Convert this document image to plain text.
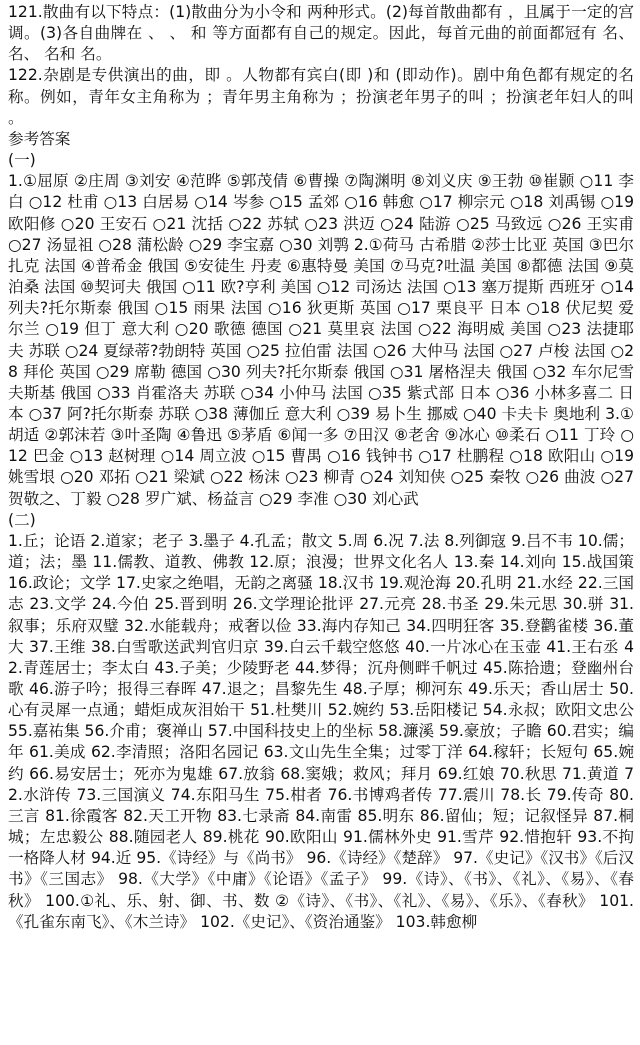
121.散曲有以下特点：(1)散曲分为小令和 两种形式。(2)每首散曲都有 ，且属于一定的宫调。(3)各自曲牌在 、 、 和 等方面都有自己的规定。因此，每首元曲的前面都冠有 名、 名、 名和 名。

122.杂剧是专供演出的曲，即 。人物都有宾白(即 )和 (即动作)。剧中角色都有规定的名称。例如，青年女主角称为 ；青年男主角称为 ；扮演老年男子的叫 ；扮演老年妇人的叫 。

参考答案

(一)

1.①屈原 ②庄周 ③刘安 ④范晔 ⑤郭茂倩 ⑥曹操 ⑦陶渊明 ⑧刘义庆 ⑨王勃 ⑩崔颢 ○11 李白 ○12 杜甫 ○13 白居易 ○14 岑参 ○15 孟郊 ○16 韩愈 ○17 柳宗元 ○18 刘禹锡 ○19 欧阳修 ○20 王安石 ○21 沈括 ○22 苏轼 ○23 洪迈 ○24 陆游 ○25 马致远 ○26 王实甫 ○27 汤显祖 ○28 蒲松龄 ○29 李宝嘉 ○30 刘鹗 2.①荷马 古希腊 ②莎士比亚 英国 ③巴尔扎克 法国 ④普希金 俄国 ⑤安徒生 丹麦 ⑥惠特曼 美国 ⑦马克?吐温 美国 ⑧都德 法国 ⑨莫泊桑 法国 ⑩契诃夫 俄国 ○11 欧?亨利 美国 ○12 司汤达 法国 ○13 塞万提斯 西班牙 ○14 列夫?托尔斯泰 俄国 ○15 雨果 法国 ○16 狄更斯 英国 ○17 栗良平 日本 ○18 伏尼契 爱尔兰 ○19 但丁 意大利 ○20 歌德 德国 ○21 莫里哀 法国 ○22 海明威 美国 ○23 法捷耶夫 苏联 ○24 夏绿蒂?勃朗特 英国 ○25 拉伯雷 法国 ○26 大仲马 法国 ○27 卢梭 法国 ○28 拜伦 英国 ○29 席勒 德国 ○30 列夫?托尔斯泰 俄国 ○31 屠格涅夫 俄国 ○32 车尔尼雪夫斯基 俄国 ○33 肖霍洛夫 苏联 ○34 小仲马 法国 ○35 紫式部 日本 ○36 小林多喜二 日本 ○37 阿?托尔斯泰 苏联 ○38 薄伽丘 意大利 ○39 易卜生 挪威 ○40 卡夫卡 奥地利 3.①胡适 ②郭沫若 ③叶圣陶 ④鲁迅 ⑤茅盾 ⑥闻一多 ⑦田汉 ⑧老舍 ⑨冰心 ⑩柔石 ○11 丁玲 ○12 巴金 ○13 赵树理 ○14 周立波 ○15 曹禺 ○16 钱钟书 ○17 杜鹏程 ○18 欧阳山 ○19 姚雪垠 ○20 邓拓 ○21 梁斌 ○22 杨沫 ○23 柳青 ○24 刘知侠 ○25 秦牧 ○26 曲波 ○27 贺敬之、丁毅 ○28 罗广斌、杨益言 ○29 李准 ○30 刘心武

(二)

1.丘；论语 2.道家；老子 3.墨子 4.孔孟；散文 5.周 6.况 7.法 8.列御寇 9.吕不韦 10.儒；道；法；墨 11.儒教、道教、佛教 12.原；浪漫；世界文化名人 13.秦 14.刘向 15.战国策 16.政论；文学 17.史家之绝唱，无韵之离骚 18.汉书 19.观沧海 20.孔明 21.水经 22.三国志 23.文学 24.今伯 25.晋到明 26.文学理论批评 27.元亮 28.书圣 29.朱元思 30.骈 31.叙事；乐府双璧 32.水能载舟；戒奢以俭 33.海内存知己 34.四明狂客 35.登鹳雀楼 36.董大 37.王维 38.白雪歌送武判官归京 39.白云千载空悠悠 40.一片冰心在玉壶 41.王右丞 42.青莲居士；李太白 43.子美；少陵野老 44.梦得；沉舟侧畔千帆过 45.陈拾遗；登幽州台歌 46.游子吟；报得三春晖 47.退之；昌黎先生 48.子厚；柳河东 49.乐天；香山居士 50.心有灵犀一点通；蜡炬成灰泪始干 51.杜樊川 52.婉约 53.岳阳楼记 54.永叔；欧阳文忠公 55.嘉祐集 56.介甫；褒禅山 57.中国科技史上的坐标 58.濂溪 59.豪放；子瞻 60.君实；编年 61.美成 62.李清照；洛阳名园记 63.文山先生全集；过零丁洋 64.稼轩；长短句 65.婉约 66.易安居士；死亦为鬼雄 67.放翁 68.窦娥；救风；拜月 69.红娘 70.秋思 71.黄道 72.水浒传 73.三国演义 74.东阳马生 75.柑者 76.书博鸡者传 77.震川 78.长 79.传奇 80.三言 81.徐霞客 82.天工开物 83.七录斋 84.南雷 85.明东 86.留仙；短；记叙怪异 87.桐城；左忠毅公 88.随园老人 89.桃花 90.欧阳山 91.儒林外史 91.雪芹 92.惜抱轩 93.不拘一格降人材 94.近 95.《诗经》与《尚书》 96.《诗经》《楚辞》 97.《史记》《汉书》《后汉书》《三国志》 98.《大学》《中庸》《论语》《孟子》 99.《诗》、《书》、《礼》、《易》、《春秋》 100.①礼、乐、射、御、书、数 ②《诗》、《书》、《礼》、《易》、《乐》、《春秋》 101.《孔雀东南飞》、《木兰诗》 102.《史记》、《资治通鉴》 103.韩愈柳
